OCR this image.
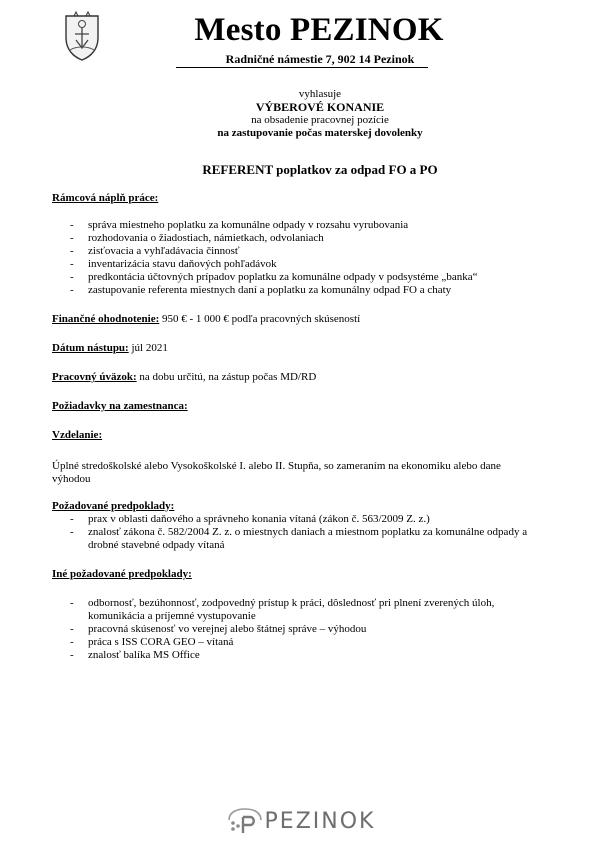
Mesto PEZINOK
Radničné námestie 7, 902 14 Pezinok
vyhlasuje
VÝBEROVÉ KONANIE
na obsadenie pracovnej pozície
na zastupovanie počas materskej dovolenky
REFERENT poplatkov za odpad FO a PO

Rámcová náplň práce:

- správa miestneho poplatku za komunálne odpady v rozsahu vyrubovania
- rozhodovania o žiadostiach, námietkach, odvolaniach
- zisťovacia a vyhľadávacia činnosť
- inventarizácia stavu daňových pohľadávok
- predkontácia účtovných prípadov poplatku za komunálne odpady v podsystéme „banka“
- zastupovanie referenta miestnych daní a poplatku za komunálny odpad FO a chaty

Finančné ohodnotenie: 950 € - 1 000 € podľa pracovných skúseností

Dátum nástupu: júl 2021

Pracovný úväzok: na dobu určitú, na zástup počas MD/RD

Požiadavky na zamestnanca:

Vzdelanie:

Úplné stredoškolské alebo Vysokoškolské I. alebo II. Stupňa, so zameraním na ekonomiku alebo dane výhodou

Požadované predpoklady:

- prax v oblasti daňového a správneho konania vítaná (zákon č. 563/2009 Z. z.)
- znalosť zákona č. 582/2004 Z. z. o miestnych daniach a miestnom poplatku za komunálne odpady a drobné stavebné odpady vítaná

Iné požadované predpoklady:

- odbornosť, bezúhonnosť, zodpovedný prístup k práci, dôslednosť pri plnení zverených úloh, komunikácia a príjemné vystupovanie
- pracovná skúsenosť vo verejnej alebo štátnej správe – výhodou
- práca s ISS CORA GEO – vítaná
- znalosť balíka MS Office
PEZINOK
